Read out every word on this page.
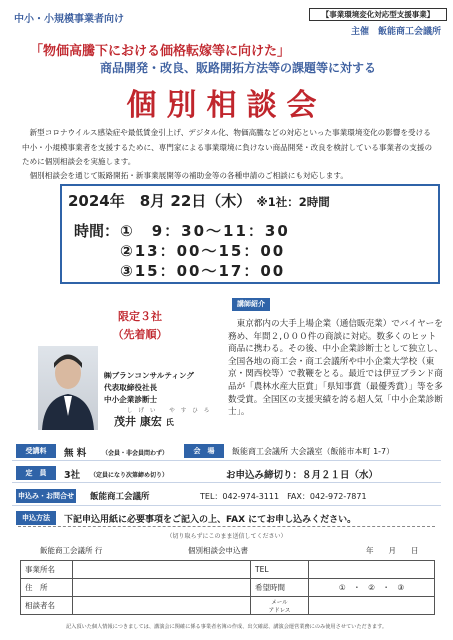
中小・小規模事業者向け	【事業環境変化対応型支援事業】
主催　飯能商工会議所
「物価高騰下における価格転嫁等に向けた」
商品開発・改良、販路開拓方法等の課題等に対する
個別相談会
新型コロナウイルス感染症や最低賃金引上げ、デジタル化、物価高騰などの対応といった事業環境変化の影響を受ける中小・小規模事業者を支援するために、専門家による事業環境に負けない商品開発・改良を検討している事業者の支援のために個別相談会を実施します。
個別相談会を通じて販路開拓・新事業展開等の補助金等の各種申請のご相談にも対応します。
2024年　8月 22日（木） ※1社：2時間
時間： ①　9：30～11：30
②13：00～15：00
③15：00～17：00
限定３社
（先着順）
㈱ブランコンサルティング
代表取締役社長
中小企業診断士
しげい やすひろ
茂井 康宏 氏
講師紹介
東京都内の大手上場企業（通信販売業）でバイヤーを務め、年間２,０００件の商談に対応。数多くのヒット商品に携わる。その後、中小企業診断士として独立し、全国各地の商工会・商工会議所や中小企業大学校（東京・関西校等）で教鞭をとる。最近では伊豆ブランド商品が「農林水産大臣賞」「県知事賞（最優秀賞）」等を多数受賞。全国区の支援実績を誇る超人気「中小企業診断士」。
受講料	無 料	（会員・非会員問わず）	会　場	飯能商工会議所 大会議室（飯能市本町 1-7）
定　員	3社 （定員になり次第締め切り）	お申込み締切り：８月２１日（水）
申込み・お問合せ 飯能商工会議所	TEL：042-974-3111　FAX：042-972-7871
申込方法	下記申込用紙に必要事項をご記入の上、FAX にてお申し込みください。
（切り取らずにこのまま送信してください）
飯能商工会議所 行	個別相談会申込書	年　　月　　日
事業所名		TEL	
住　所		希望時間	①　・　②　・　③
相談者名		メール
アドレス	
記入頂いた個人情報につきましては、講演会に関確に係る事業者名簿の作成、出欠確認、講演会運営業務にのみ使用させていただきます。
